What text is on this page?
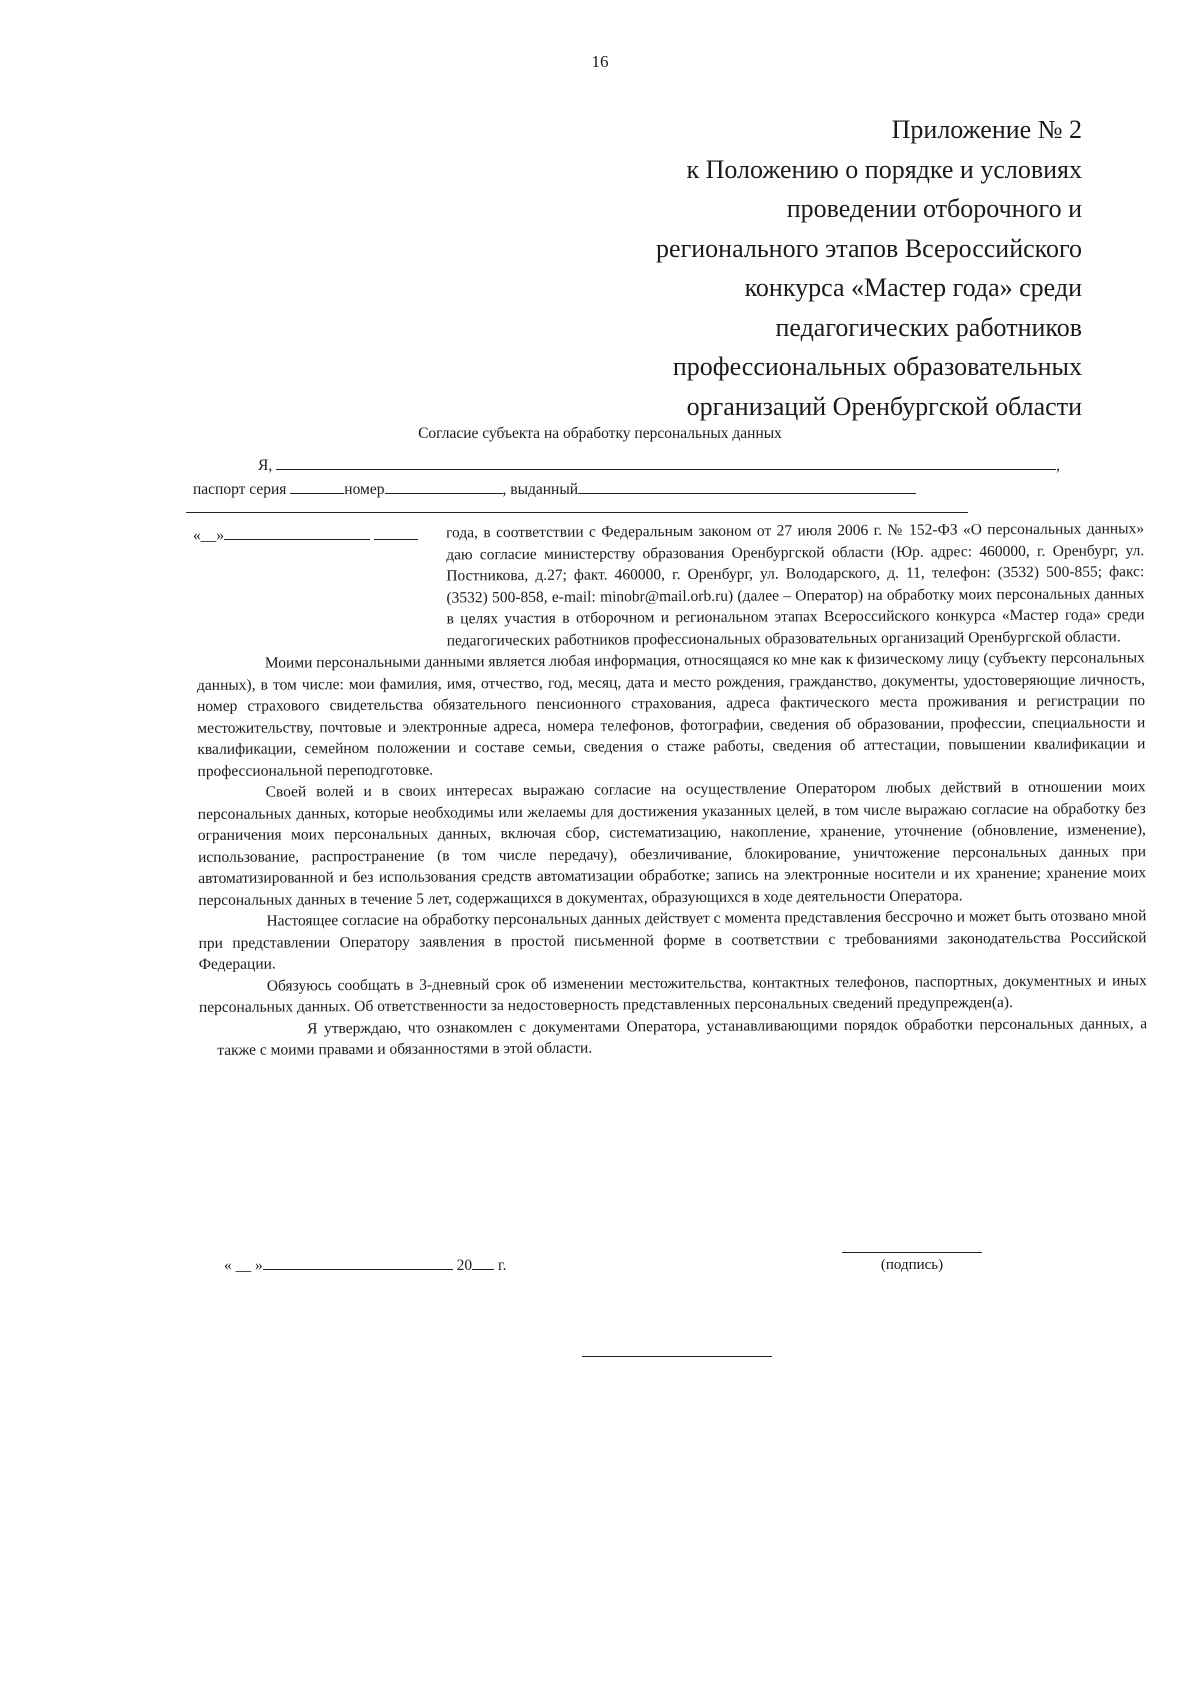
16
Приложение № 2
к Положению о порядке и условиях
проведении отборочного и
регионального этапов Всероссийского
конкурса «Мастер года» среди
педагогических работников
профессиональных образовательных
организаций Оренбургской области
Согласие субъекта на обработку персональных данных
Я,	,
паспорт серия	номер	, выданный
«__»	года, в соответствии с Федеральным законом от 27 июля 2006 г. № 152-ФЗ «О персональных данных» даю согласие министерству образования Оренбургской области (Юр. адрес: 460000, г. Оренбург, ул. Постникова, д.27; факт. 460000, г. Оренбург, ул. Володарского, д. 11, телефон: (3532) 500-855; факс: (3532) 500-858, e-mail: minobr@mail.orb.ru) (далее – Оператор) на обработку моих персональных данных в целях участия в отборочном и региональном этапах Всероссийского конкурса «Мастер года» среди педагогических работников профессиональных образовательных организаций Оренбургской области.

Моими персональными данными является любая информация, относящаяся ко мне как к физическому лицу (субъекту персональных данных), в том числе: мои фамилия, имя, отчество, год, месяц, дата и место рождения, гражданство, документы, удостоверяющие личность, номер страхового свидетельства обязательного пенсионного страхования, адреса фактического места проживания и регистрации по местожительству, почтовые и электронные адреса, номера телефонов, фотографии, сведения об образовании, профессии, специальности и квалификации, семейном положении и составе семьи, сведения о стаже работы, сведения об аттестации, повышении квалификации и профессиональной переподготовке.

Своей волей и в своих интересах выражаю согласие на осуществление Оператором любых действий в отношении моих персональных данных, которые необходимы или желаемы для достижения указанных целей, в том числе выражаю согласие на обработку без ограничения моих персональных данных, включая сбор, систематизацию, накопление, хранение, уточнение (обновление, изменение), использование, распространение (в том числе передачу), обезличивание, блокирование, уничтожение персональных данных при автоматизированной и без использования средств автоматизации обработке; запись на электронные носители и их хранение; хранение моих персональных данных в течение 5 лет, содержащихся в документах, образующихся в ходе деятельности Оператора.

Настоящее согласие на обработку персональных данных действует с момента представления бессрочно и может быть отозвано мной при представлении Оператору заявления в простой письменной форме в соответствии с требованиями законодательства Российской Федерации.

Обязуюсь сообщать в 3-дневный срок об изменении местожительства, контактных телефонов, паспортных, документных и иных персональных данных. Об ответственности за недостоверность представленных персональных сведений предупрежден(а).

Я утверждаю, что ознакомлен с документами Оператора, устанавливающими порядок обработки персональных данных, а также с моими правами и обязанностями в этой области.

« __ »	20 г.	(подпись)
